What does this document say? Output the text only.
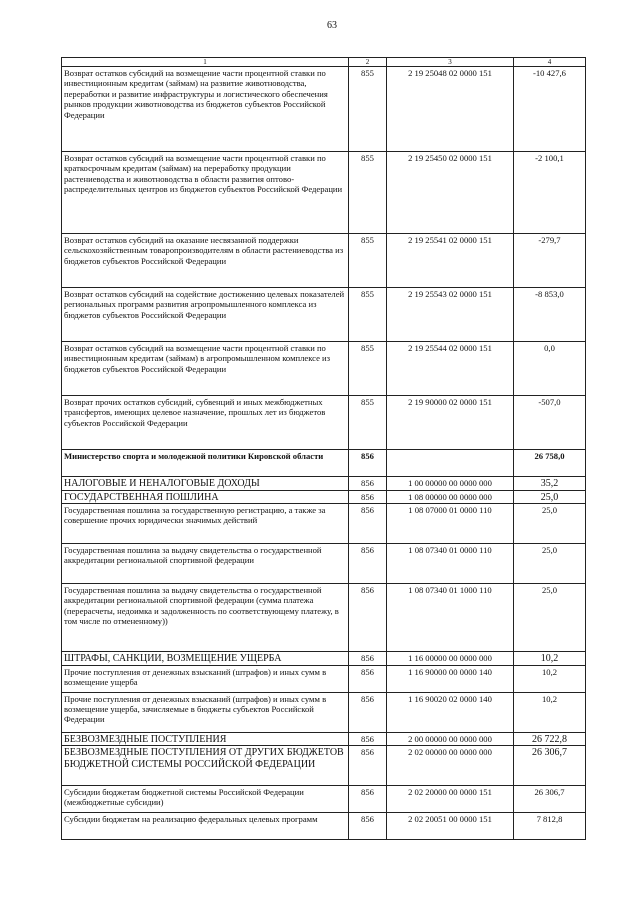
63
1	2	3	4
Возврат остатков субсидий на возмещение части процентной ставки по инвестиционным кредитам (займам) на развитие животноводства, переработки и развитие инфраструктуры и логистического обеспечения рынков продукции животноводства из бюджетов субъектов Российской Федерации	855	2 19 25048 02 0000 151	-10 427,6
Возврат остатков субсидий на возмещение части процентной ставки по краткосрочным кредитам (займам) на переработку продукции растениеводства и животноводства в области развития оптово-распределительных центров из бюджетов субъектов Российской Федерации	855	2 19 25450 02 0000 151	-2 100,1
Возврат остатков субсидий на оказание несвязанной поддержки сельскохозяйственным товаропроизводителям в области растениеводства из бюджетов субъектов Российской Федерации	855	2 19 25541 02 0000 151	-279,7
Возврат остатков субсидий на содействие достижению целевых показателей региональных программ развития агропромышленного комплекса из бюджетов субъектов Российской Федерации	855	2 19 25543 02 0000 151	-8 853,0
Возврат остатков субсидий на возмещение части процентной ставки по инвестиционным кредитам (займам) в агропромышленном комплексе из бюджетов субъектов Российской Федерации	855	2 19 25544 02 0000 151	0,0
Возврат прочих остатков субсидий, субвенций и иных межбюджетных трансфертов, имеющих целевое назначение, прошлых лет из бюджетов субъектов Российской Федерации	855	2 19 90000 02 0000 151	-507,0
Министерство спорта и молодежной политики Кировской области	856		26 758,0
НАЛОГОВЫЕ И НЕНАЛОГОВЫЕ ДОХОДЫ	856	1 00 00000 00 0000 000	35,2
ГОСУДАРСТВЕННАЯ ПОШЛИНА	856	1 08 00000 00 0000 000	25,0
Государственная пошлина за государственную регистрацию, а также за совершение прочих юридически значимых действий	856	1 08 07000 01 0000 110	25,0
Государственная пошлина за выдачу свидетельства о государственной аккредитации региональной спортивной федерации	856	1 08 07340 01 0000 110	25,0
Государственная пошлина за выдачу свидетельства о государственной аккредитации региональной спортивной федерации (сумма платежа (перерасчеты, недоимка и задолженность по соответствующему платежу, в том числе по отмененному))	856	1 08 07340 01 1000 110	25,0
ШТРАФЫ, САНКЦИИ, ВОЗМЕЩЕНИЕ УЩЕРБА	856	1 16 00000 00 0000 000	10,2
Прочие поступления от денежных взысканий (штрафов) и иных сумм в возмещение ущерба	856	1 16 90000 00 0000 140	10,2
Прочие поступления от денежных взысканий (штрафов) и иных сумм в возмещение ущерба, зачисляемые в бюджеты субъектов Российской Федерации	856	1 16 90020 02 0000 140	10,2
БЕЗВОЗМЕЗДНЫЕ ПОСТУПЛЕНИЯ	856	2 00 00000 00 0000 000	26 722,8
БЕЗВОЗМЕЗДНЫЕ ПОСТУПЛЕНИЯ ОТ ДРУГИХ БЮДЖЕТОВ БЮДЖЕТНОЙ СИСТЕМЫ РОССИЙСКОЙ ФЕДЕРАЦИИ	856	2 02 00000 00 0000 000	26 306,7
Субсидии бюджетам бюджетной системы Российской Федерации (межбюджетные субсидии)	856	2 02 20000 00 0000 151	26 306,7
Субсидии бюджетам на реализацию федеральных целевых программ	856	2 02 20051 00 0000 151	7 812,8
